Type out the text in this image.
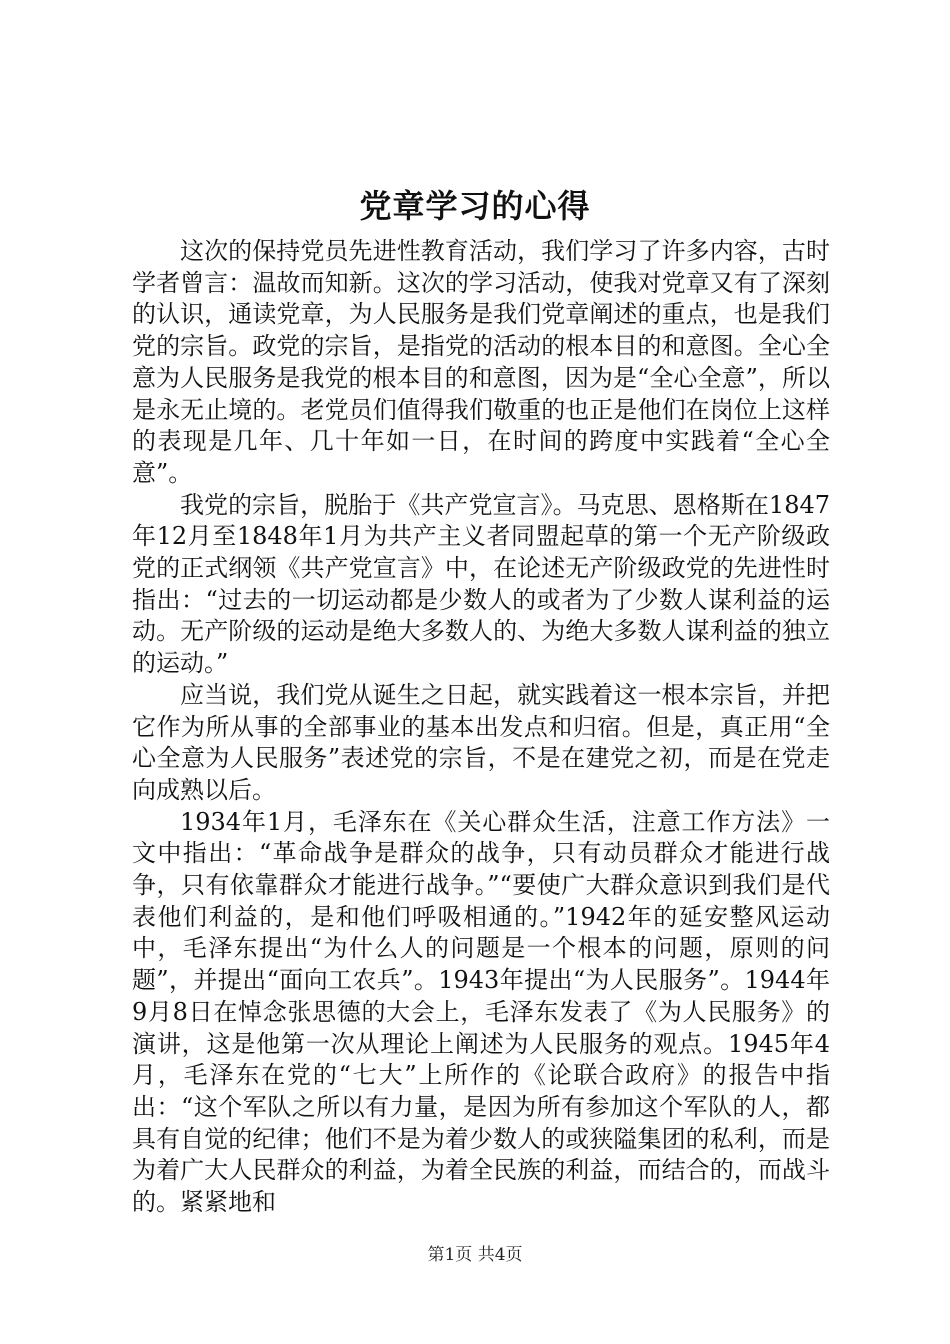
党章学习的心得

这次的保持党员先进性教育活动，我们学习了许多内容，古时学者曾言：温故而知新。这次的学习活动，使我对党章又有了深刻的认识，通读党章，为人民服务是我们党章阐述的重点，也是我们党的宗旨。政党的宗旨，是指党的活动的根本目的和意图。全心全意为人民服务是我党的根本目的和意图，因为是“全心全意”，所以是永无止境的。老党员们值得我们敬重的也正是他们在岗位上这样的表现是几年、几十年如一日，在时间的跨度中实践着“全心全意”。

我党的宗旨，脱胎于《共产党宣言》。马克思、恩格斯在1847年12月至1848年1月为共产主义者同盟起草的第一个无产阶级政党的正式纲领《共产党宣言》中，在论述无产阶级政党的先进性时指出：“过去的一切运动都是少数人的或者为了少数人谋利益的运动。无产阶级的运动是绝大多数人的、为绝大多数人谋利益的独立的运动。”

应当说，我们党从诞生之日起，就实践着这一根本宗旨，并把它作为所从事的全部事业的基本出发点和归宿。但是，真正用“全心全意为人民服务”表述党的宗旨，不是在建党之初，而是在党走向成熟以后。

1934年1月，毛泽东在《关心群众生活，注意工作方法》一文中指出：“革命战争是群众的战争，只有动员群众才能进行战争，只有依靠群众才能进行战争。”“要使广大群众意识到我们是代表他们利益的，是和他们呼吸相通的。”1942年的延安整风运动中，毛泽东提出“为什么人的问题是一个根本的问题，原则的问题”，并提出“面向工农兵”。1943年提出“为人民服务”。1944年9月8日在悼念张思德的大会上，毛泽东发表了《为人民服务》的演讲，这是他第一次从理论上阐述为人民服务的观点。1945年4月，毛泽东在党的“七大”上所作的《论联合政府》的报告中指出：“这个军队之所以有力量，是因为所有参加这个军队的人，都具有自觉的纪律；他们不是为着少数人的或狭隘集团的私利，而是为着广大人民群众的利益，为着全民族的利益，而结合的，而战斗的。紧紧地和

第1页 共4页
